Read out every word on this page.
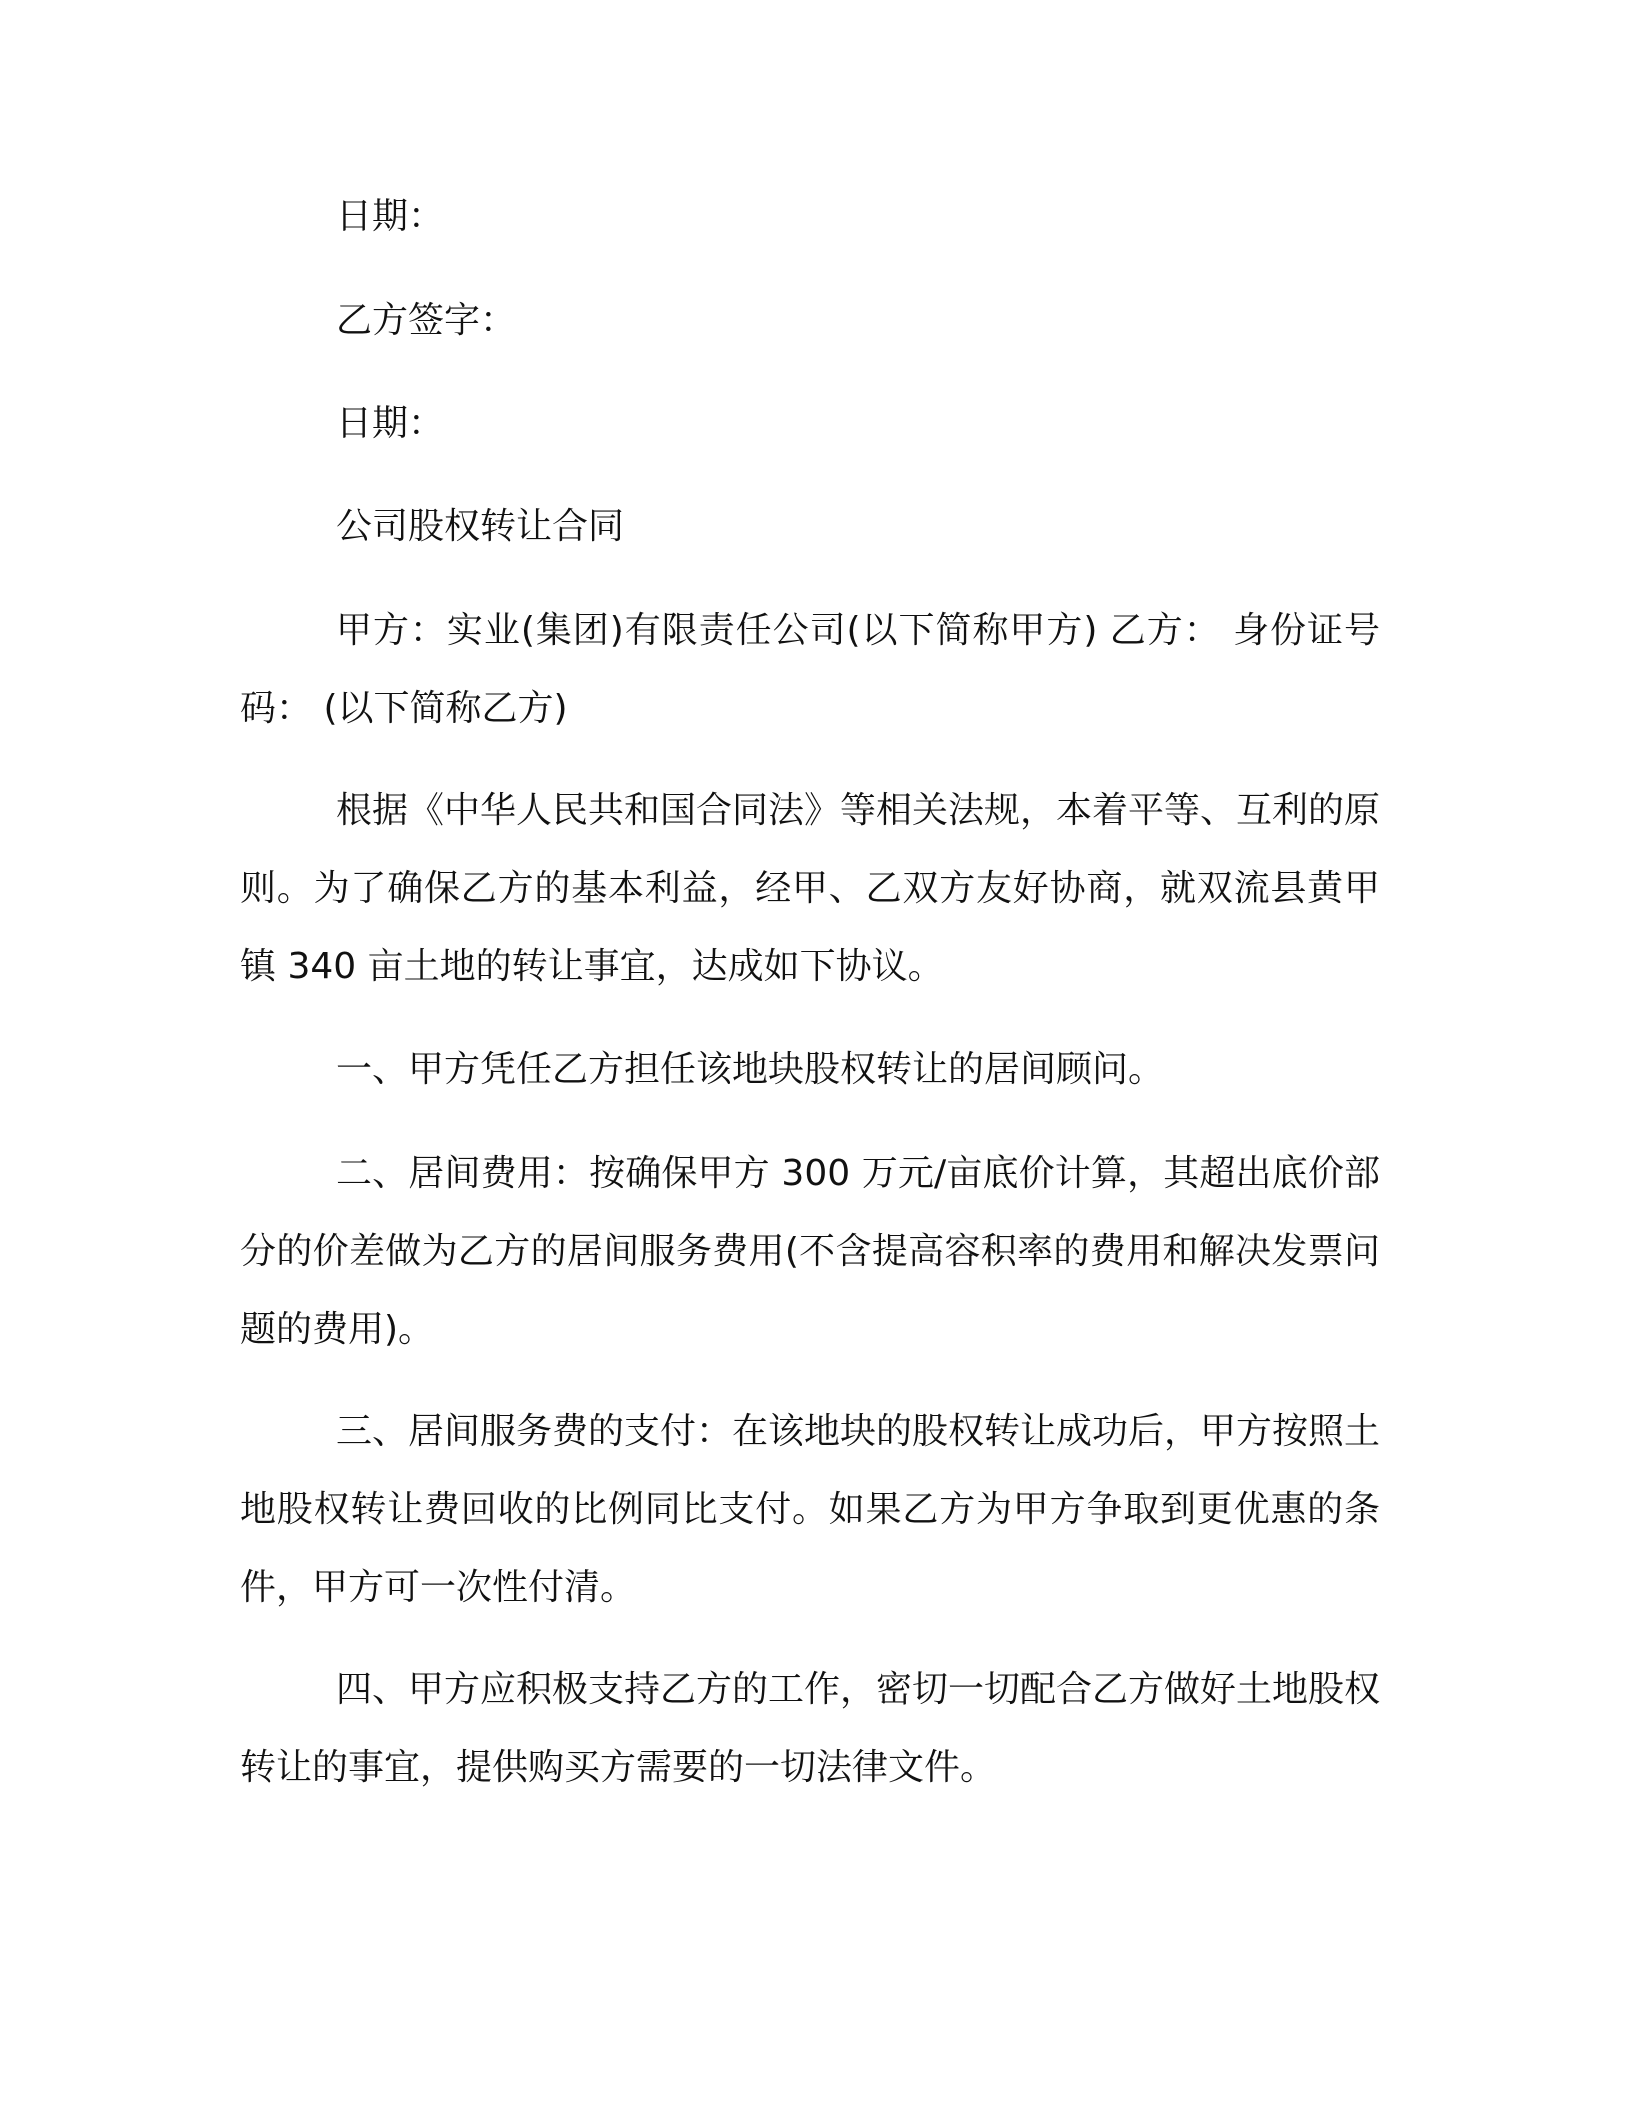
日期：

乙方签字：

日期：

公司股权转让合同

甲方：实业(集团)有限责任公司(以下简称甲方) 乙方： 身份证号码： (以下简称乙方)

根据《中华人民共和国合同法》等相关法规，本着平等、互利的原则。为了确保乙方的基本利益，经甲、乙双方友好协商，就双流县黄甲镇 340 亩土地的转让事宜，达成如下协议。

一、甲方凭任乙方担任该地块股权转让的居间顾问。

二、居间费用：按确保甲方 300 万元/亩底价计算，其超出底价部分的价差做为乙方的居间服务费用(不含提高容积率的费用和解决发票问题的费用)。

三、居间服务费的支付：在该地块的股权转让成功后，甲方按照土地股权转让费回收的比例同比支付。如果乙方为甲方争取到更优惠的条件，甲方可一次性付清。

四、甲方应积极支持乙方的工作，密切一切配合乙方做好土地股权转让的事宜，提供购买方需要的一切法律文件。
